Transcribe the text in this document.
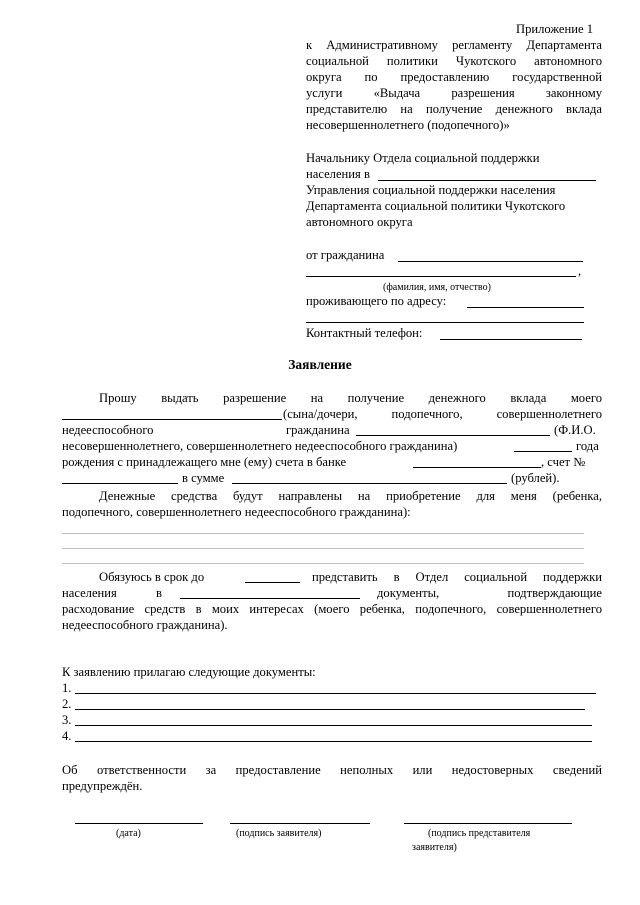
Приложение 1
к Административному регламенту Департамента
социальной политики Чукотского автономного
округа по предоставлению государственной
услуги «Выдача разрешения законному
представителю на получение денежного вклада
несовершеннолетнего (подопечного)»
Начальнику Отдела социальной поддержки
населения в
Управления социальной поддержки населения
Департамента социальной политики Чукотского
автономного округа
от гражданина
,
(фамилия, имя, отчество)
проживающего по адресу:
Контактный телефон:
Заявление
Прошу выдать разрешение на получение денежного вклада моего
(сына/дочери, подопечного, совершеннолетнего
недееспособного	гражданина	(Ф.И.О.
несовершеннолетнего, совершеннолетнего недееспособного гражданина)	года
рождения с принадлежащего мне (ему) счета в банке	, счет №
в сумме	(рублей).
Денежные средства будут направлены на приобретение для меня (ребенка,
подопечного, совершеннолетнего недееспособного гражданина):
Обязуюсь в срок до	представить в Отдел социальной поддержки
населения в	документы, подтверждающие
расходование средств в моих интересах (моего ребенка, подопечного, совершеннолетнего
недееспособного гражданина).
К заявлению прилагаю следующие документы:
1.
2.
3.
4.
Об ответственности за предоставление неполных или недостоверных сведений
предупреждён.
(дата)	(подпись заявителя)	(подпись представителя
заявителя)
